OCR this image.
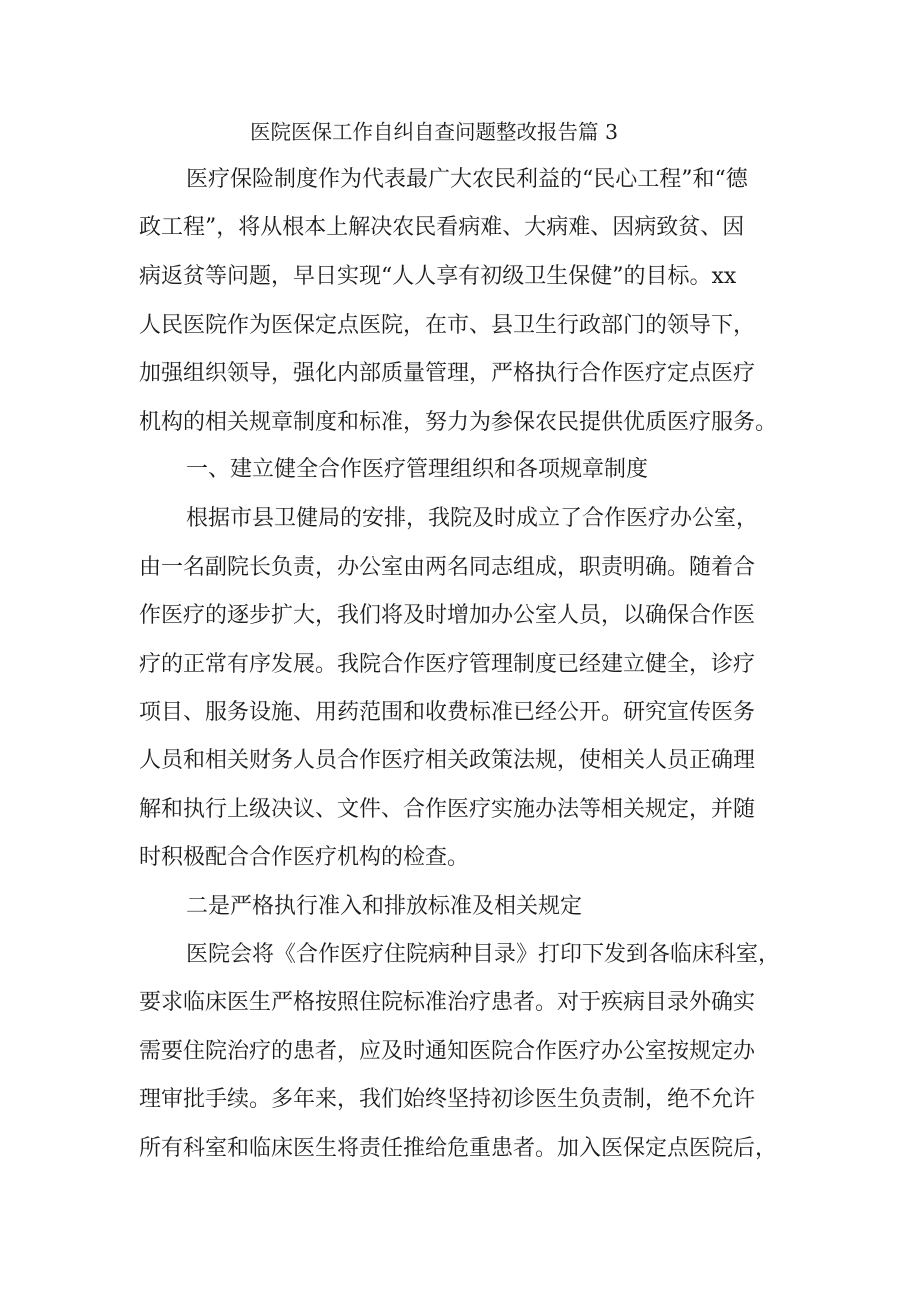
医院医保工作自纠自查问题整改报告篇 3

医疗保险制度作为代表最广大农民利益的“民心工程”和“德

政工程”，将从根本上解决农民看病难、大病难、因病致贫、因

病返贫等问题，早日实现“人人享有初级卫生保健”的目标。xx

人民医院作为医保定点医院，在市、县卫生行政部门的领导下，

加强组织领导，强化内部质量管理，严格执行合作医疗定点医疗

机构的相关规章制度和标准，努力为参保农民提供优质医疗服务。

一、建立健全合作医疗管理组织和各项规章制度

根据市县卫健局的安排，我院及时成立了合作医疗办公室，

由一名副院长负责，办公室由两名同志组成，职责明确。随着合

作医疗的逐步扩大，我们将及时增加办公室人员，以确保合作医

疗的正常有序发展。我院合作医疗管理制度已经建立健全，诊疗

项目、服务设施、用药范围和收费标准已经公开。研究宣传医务

人员和相关财务人员合作医疗相关政策法规，使相关人员正确理

解和执行上级决议、文件、合作医疗实施办法等相关规定，并随

时积极配合合作医疗机构的检查。

二是严格执行准入和排放标准及相关规定

医院会将《合作医疗住院病种目录》打印下发到各临床科室，

要求临床医生严格按照住院标准治疗患者。对于疾病目录外确实

需要住院治疗的患者，应及时通知医院合作医疗办公室按规定办

理审批手续。多年来，我们始终坚持初诊医生负责制，绝不允许

所有科室和临床医生将责任推给危重患者。加入医保定点医院后，
